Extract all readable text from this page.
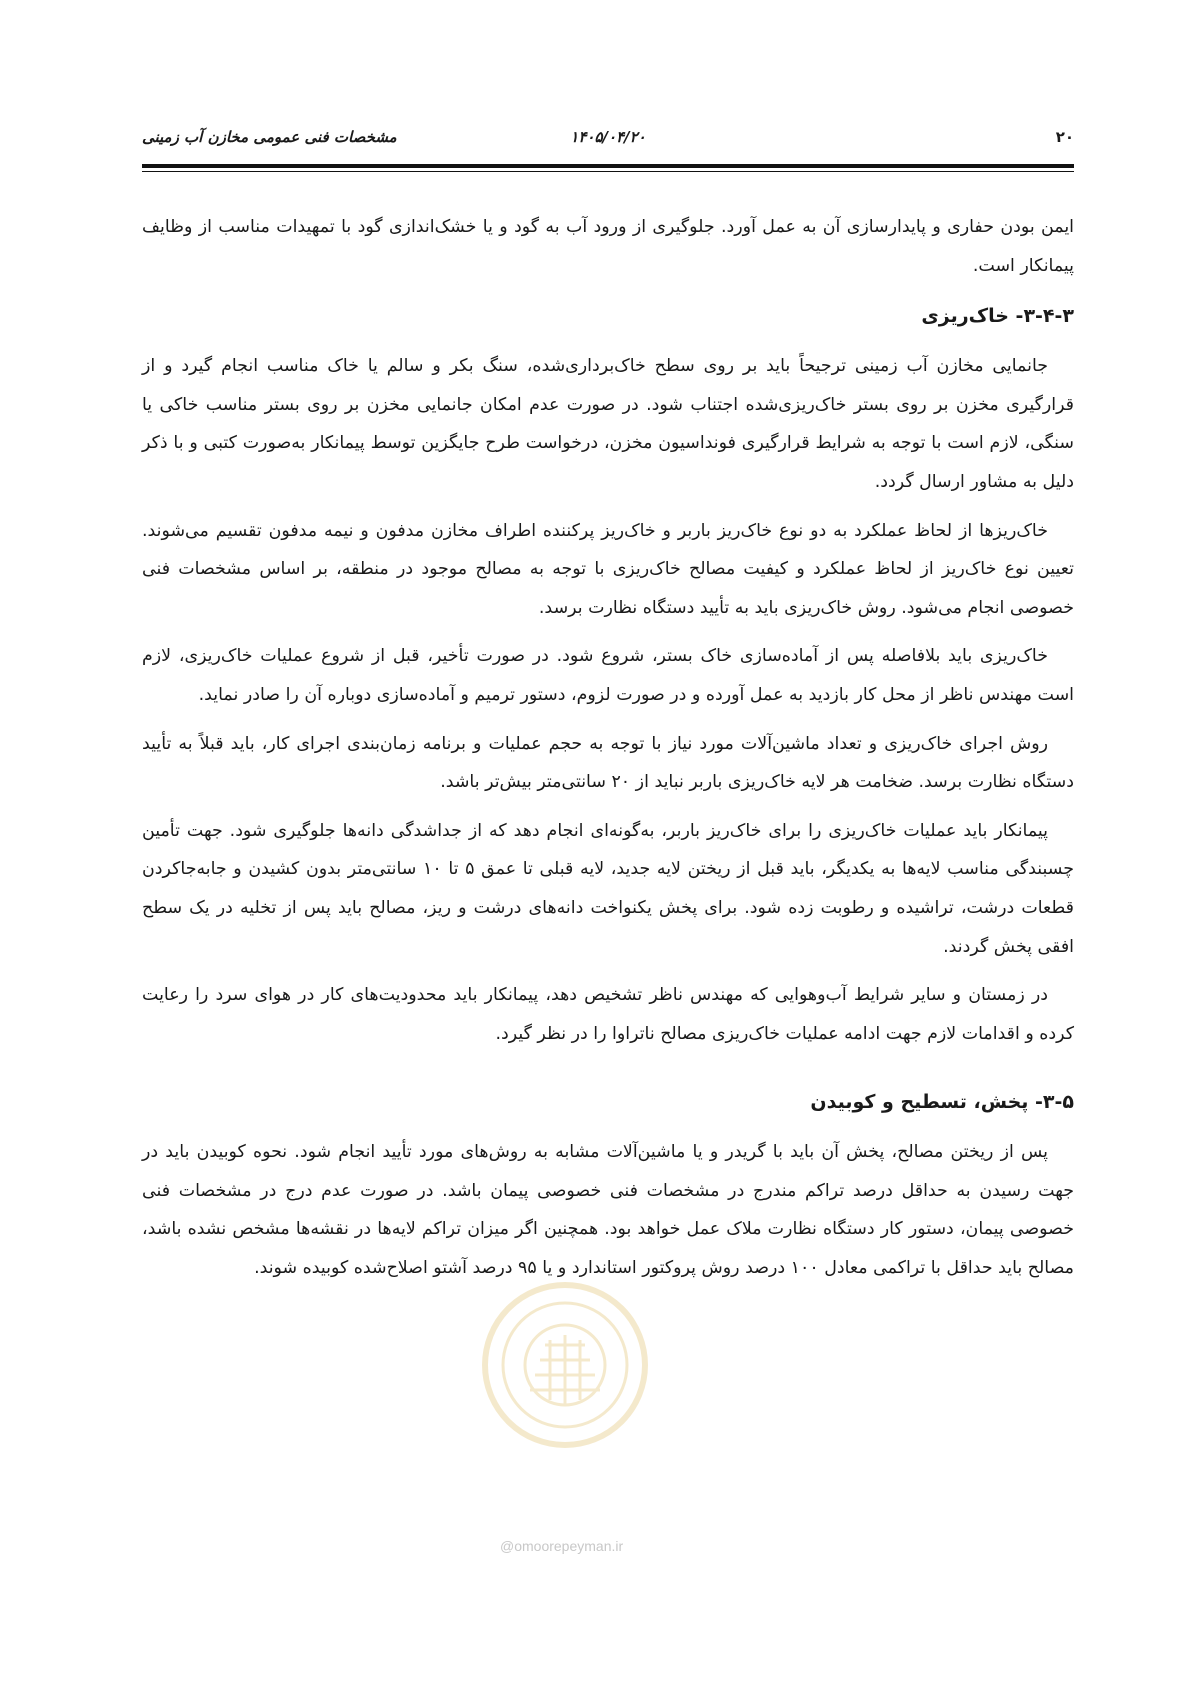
۲۰
۱۴۰۵/۰۴/۲۰
مشخصات فنی عمومی مخازن آب زمینی

ایمن بودن حفاری و پایدارسازی آن به عمل آورد. جلوگیری از ورود آب به گود و یا خشک‌اندازی گود با تمهیدات مناسب از وظایف پیمانکار است.

۳-۴-۳- خاک‌ریزی

جانمایی مخازن آب زمینی ترجیحاً باید بر روی سطح خاک‌برداری‌شده، سنگ بکر و سالم یا خاک مناسب انجام گیرد و از قرارگیری مخزن بر روی بستر خاک‌ریزی‌شده اجتناب شود. در صورت عدم امکان جانمایی مخزن بر روی بستر مناسب خاکی یا سنگی، لازم است با توجه به شرایط قرارگیری فونداسیون مخزن، درخواست طرح جایگزین توسط پیمانکار به‌صورت کتبی و با ذکر دلیل به مشاور ارسال گردد.

خاک‌ریزها از لحاظ عملکرد به دو نوع خاک‌ریز باربر و خاک‌ریز پرکننده اطراف مخازن مدفون و نیمه مدفون تقسیم می‌شوند. تعیین نوع خاک‌ریز از لحاظ عملکرد و کیفیت مصالح خاک‌ریزی با توجه به مصالح موجود در منطقه، بر اساس مشخصات فنی خصوصی انجام می‌شود. روش خاک‌ریزی باید به تأیید دستگاه نظارت برسد.

خاک‌ریزی باید بلافاصله پس از آماده‌سازی خاک بستر، شروع شود. در صورت تأخیر، قبل از شروع عملیات خاک‌ریزی، لازم است مهندس ناظر از محل کار بازدید به عمل آورده و در صورت لزوم، دستور ترمیم و آماده‌سازی دوباره آن را صادر نماید.

روش اجرای خاک‌ریزی و تعداد ماشین‌آلات مورد نیاز با توجه به حجم عملیات و برنامه زمان‌بندی اجرای کار، باید قبلاً به تأیید دستگاه نظارت برسد. ضخامت هر لایه خاک‌ریزی باربر نباید از ۲۰ سانتی‌متر بیش‌تر باشد.

پیمانکار باید عملیات خاک‌ریزی را برای خاک‌ریز باربر، به‌گونه‌ای انجام دهد که از جداشدگی دانه‌ها جلوگیری شود. جهت تأمین چسبندگی مناسب لایه‌ها به یکدیگر، باید قبل از ریختن لایه جدید، لایه قبلی تا عمق ۵ تا ۱۰ سانتی‌متر بدون کشیدن و جابه‌جاکردن قطعات درشت، تراشیده و رطوبت زده شود. برای پخش یکنواخت دانه‌های درشت و ریز، مصالح باید پس از تخلیه در یک سطح افقی پخش گردند.

در زمستان و سایر شرایط آب‌وهوایی که مهندس ناظر تشخیص دهد، پیمانکار باید محدودیت‌های کار در هوای سرد را رعایت کرده و اقدامات لازم جهت ادامه عملیات خاک‌ریزی مصالح ناتراوا را در نظر گیرد.

۳-۵- پخش، تسطیح و کوبیدن

پس از ریختن مصالح، پخش آن باید با گریدر و یا ماشین‌آلات مشابه به روش‌های مورد تأیید انجام شود. نحوه کوبیدن باید در جهت رسیدن به حداقل درصد تراکم مندرج در مشخصات فنی خصوصی پیمان باشد. در صورت عدم درج در مشخصات فنی خصوصی پیمان، دستور کار دستگاه نظارت ملاک عمل خواهد بود. همچنین اگر میزان تراکم لایه‌ها در نقشه‌ها مشخص نشده باشد، مصالح باید حداقل با تراکمی معادل ۱۰۰ درصد روش پروکتور استاندارد و یا ۹۵ درصد آشتو اصلاح‌شده کوبیده شوند.

@omoorepeyman.ir
